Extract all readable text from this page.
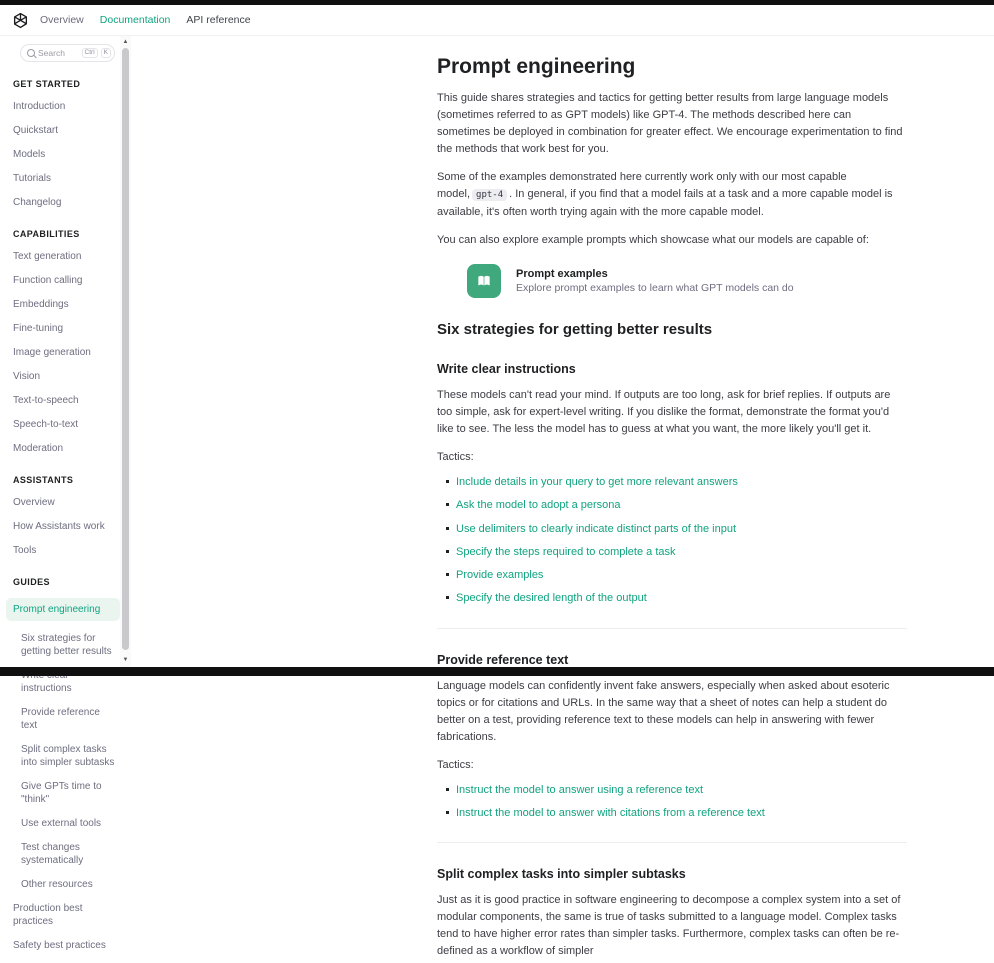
Overview Documentation API reference
Search
Ctrl	K
GET STARTED
Introduction
Quickstart
Models
Tutorials
Changelog
CAPABILITIES
Text generation
Function calling
Embeddings
Fine-tuning
Image generation
Vision
Text-to-speech
Speech-to-text
Moderation
ASSISTANTS
Overview
How Assistants work
Tools
GUIDES
Prompt engineering
Six strategies for getting better results
instructions
Provide reference text
Split complex tasks into simpler subtasks
Give GPTs time to "think"
Use external tools
Test changes systematically
Other resources
Production best practices
Safety best practices
▲
▼
Prompt engineering

This guide shares strategies and tactics for getting better results from large language models (sometimes referred to as GPT models) like GPT-4. The methods described here can sometimes be deployed in combination for greater effect. We encourage experimentation to find the methods that work best for you.

Some of the examples demonstrated here currently work only with our most capable model, gpt-4 . In general, if you find that a model fails at a task and a more capable model is available, it's often worth trying again with the more capable model.

You can also explore example prompts which showcase what our models are capable of:

Prompt examples
Explore prompt examples to learn what GPT models can do
Six strategies for getting better results
Write clear instructions

These models can't read your mind. If outputs are too long, ask for brief replies. If outputs are too simple, ask for expert-level writing. If you dislike the format, demonstrate the format you'd like to see. The less the model has to guess at what you want, the more likely you'll get it.

Tactics:

Include details in your query to get more relevant answers
Ask the model to adopt a persona
Use delimiters to clearly indicate distinct parts of the input
Specify the steps required to complete a task
Provide examples
Specify the desired length of the output
Provide reference text

Language models can confidently invent fake answers, especially when asked about esoteric topics or for citations and URLs. In the same way that a sheet of notes can help a student do better on a test, providing reference text to these models can help in answering with fewer fabrications.

Tactics:

Instruct the model to answer using a reference text
Instruct the model to answer with citations from a reference text
Split complex tasks into simpler subtasks

Just as it is good practice in software engineering to decompose a complex system into a set of modular components, the same is true of tasks submitted to a language model. Complex tasks tend to have higher error rates than simpler tasks. Furthermore, complex tasks can often be re-defined as a workflow of simpler
